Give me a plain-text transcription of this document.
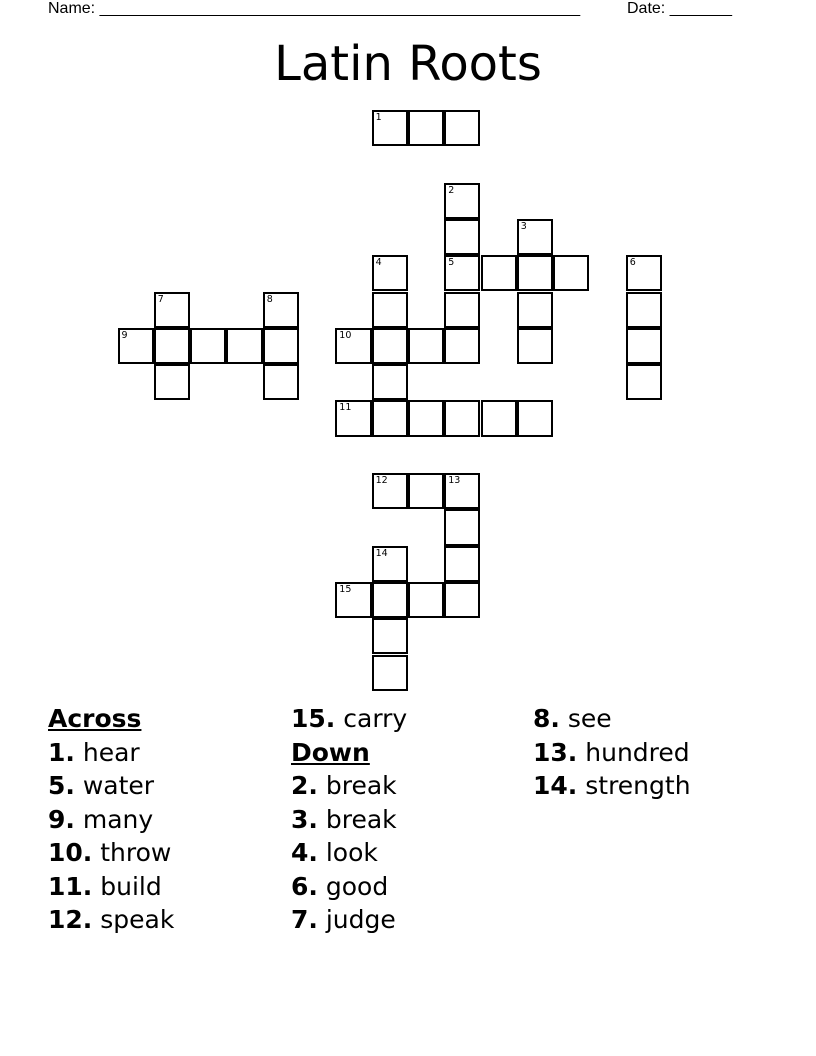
Name: ______________________________________________________	Date: _______
Latin Roots
1
2
3
4	5	6
7	8
9	10
11
12	13
14
15
Across
1. hear
5. water
9. many
10. throw
11. build
12. speak
15. carry
Down
2. break
3. break
4. look
6. good
7. judge
8. see
13. hundred
14. strength
